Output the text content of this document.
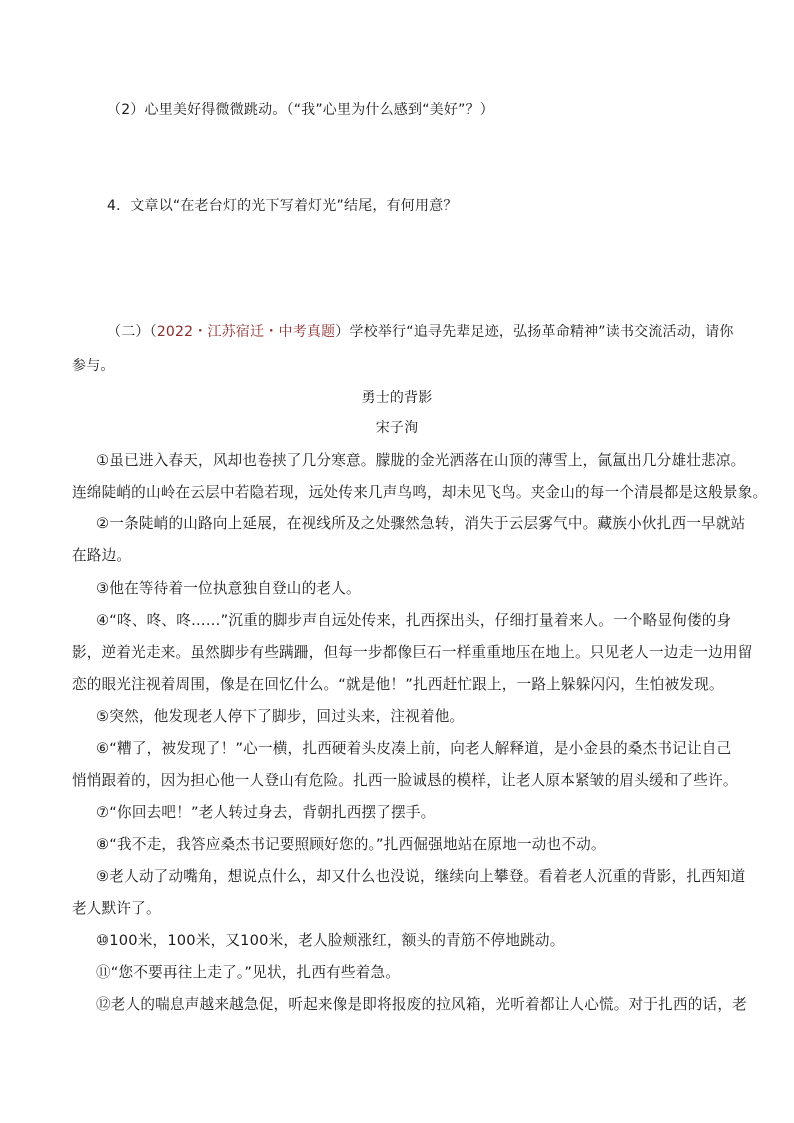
（2）心里美好得微微跳动。（“我”心里为什么感到“美好”？）
4．文章以“在老台灯的光下写着灯光”结尾，有何用意？
（二）（2022・江苏宿迁・中考真题）学校举行“追寻先辈足迹，弘扬革命精神”读书交流活动，请你
参与。
勇士的背影
宋子洵
①虽已进入春天，风却也卷挟了几分寒意。朦胧的金光洒落在山顶的薄雪上，氤氲出几分雄壮悲凉。
连绵陡峭的山岭在云层中若隐若现，远处传来几声鸟鸣，却未见飞鸟。夹金山的每一个清晨都是这般景象。
②一条陡峭的山路向上延展，在视线所及之处骤然急转，消失于云层雾气中。藏族小伙扎西一早就站
在路边。
③他在等待着一位执意独自登山的老人。
④“咚、咚、咚……”沉重的脚步声自远处传来，扎西探出头，仔细打量着来人。一个略显佝偻的身
影，逆着光走来。虽然脚步有些蹒跚，但每一步都像巨石一样重重地压在地上。只见老人一边走一边用留
恋的眼光注视着周围，像是在回忆什么。“就是他！”扎西赶忙跟上，一路上躲躲闪闪，生怕被发现。
⑤突然，他发现老人停下了脚步，回过头来，注视着他。
⑥“糟了，被发现了！”心一横，扎西硬着头皮凑上前，向老人解释道，是小金县的桑杰书记让自己
悄悄跟着的，因为担心他一人登山有危险。扎西一脸诚恳的模样，让老人原本紧皱的眉头缓和了些许。
⑦“你回去吧！”老人转过身去，背朝扎西摆了摆手。
⑧“我不走，我答应桑杰书记要照顾好您的。”扎西倔强地站在原地一动也不动。
⑨老人动了动嘴角，想说点什么，却又什么也没说，继续向上攀登。看着老人沉重的背影，扎西知道
老人默许了。
⑩100米，100米，又100米，老人脸颊涨红，额头的青筋不停地跳动。
⑪“您不要再往上走了。”见状，扎西有些着急。
⑫老人的喘息声越来越急促，听起来像是即将报废的拉风箱，光听着都让人心慌。对于扎西的话，老
